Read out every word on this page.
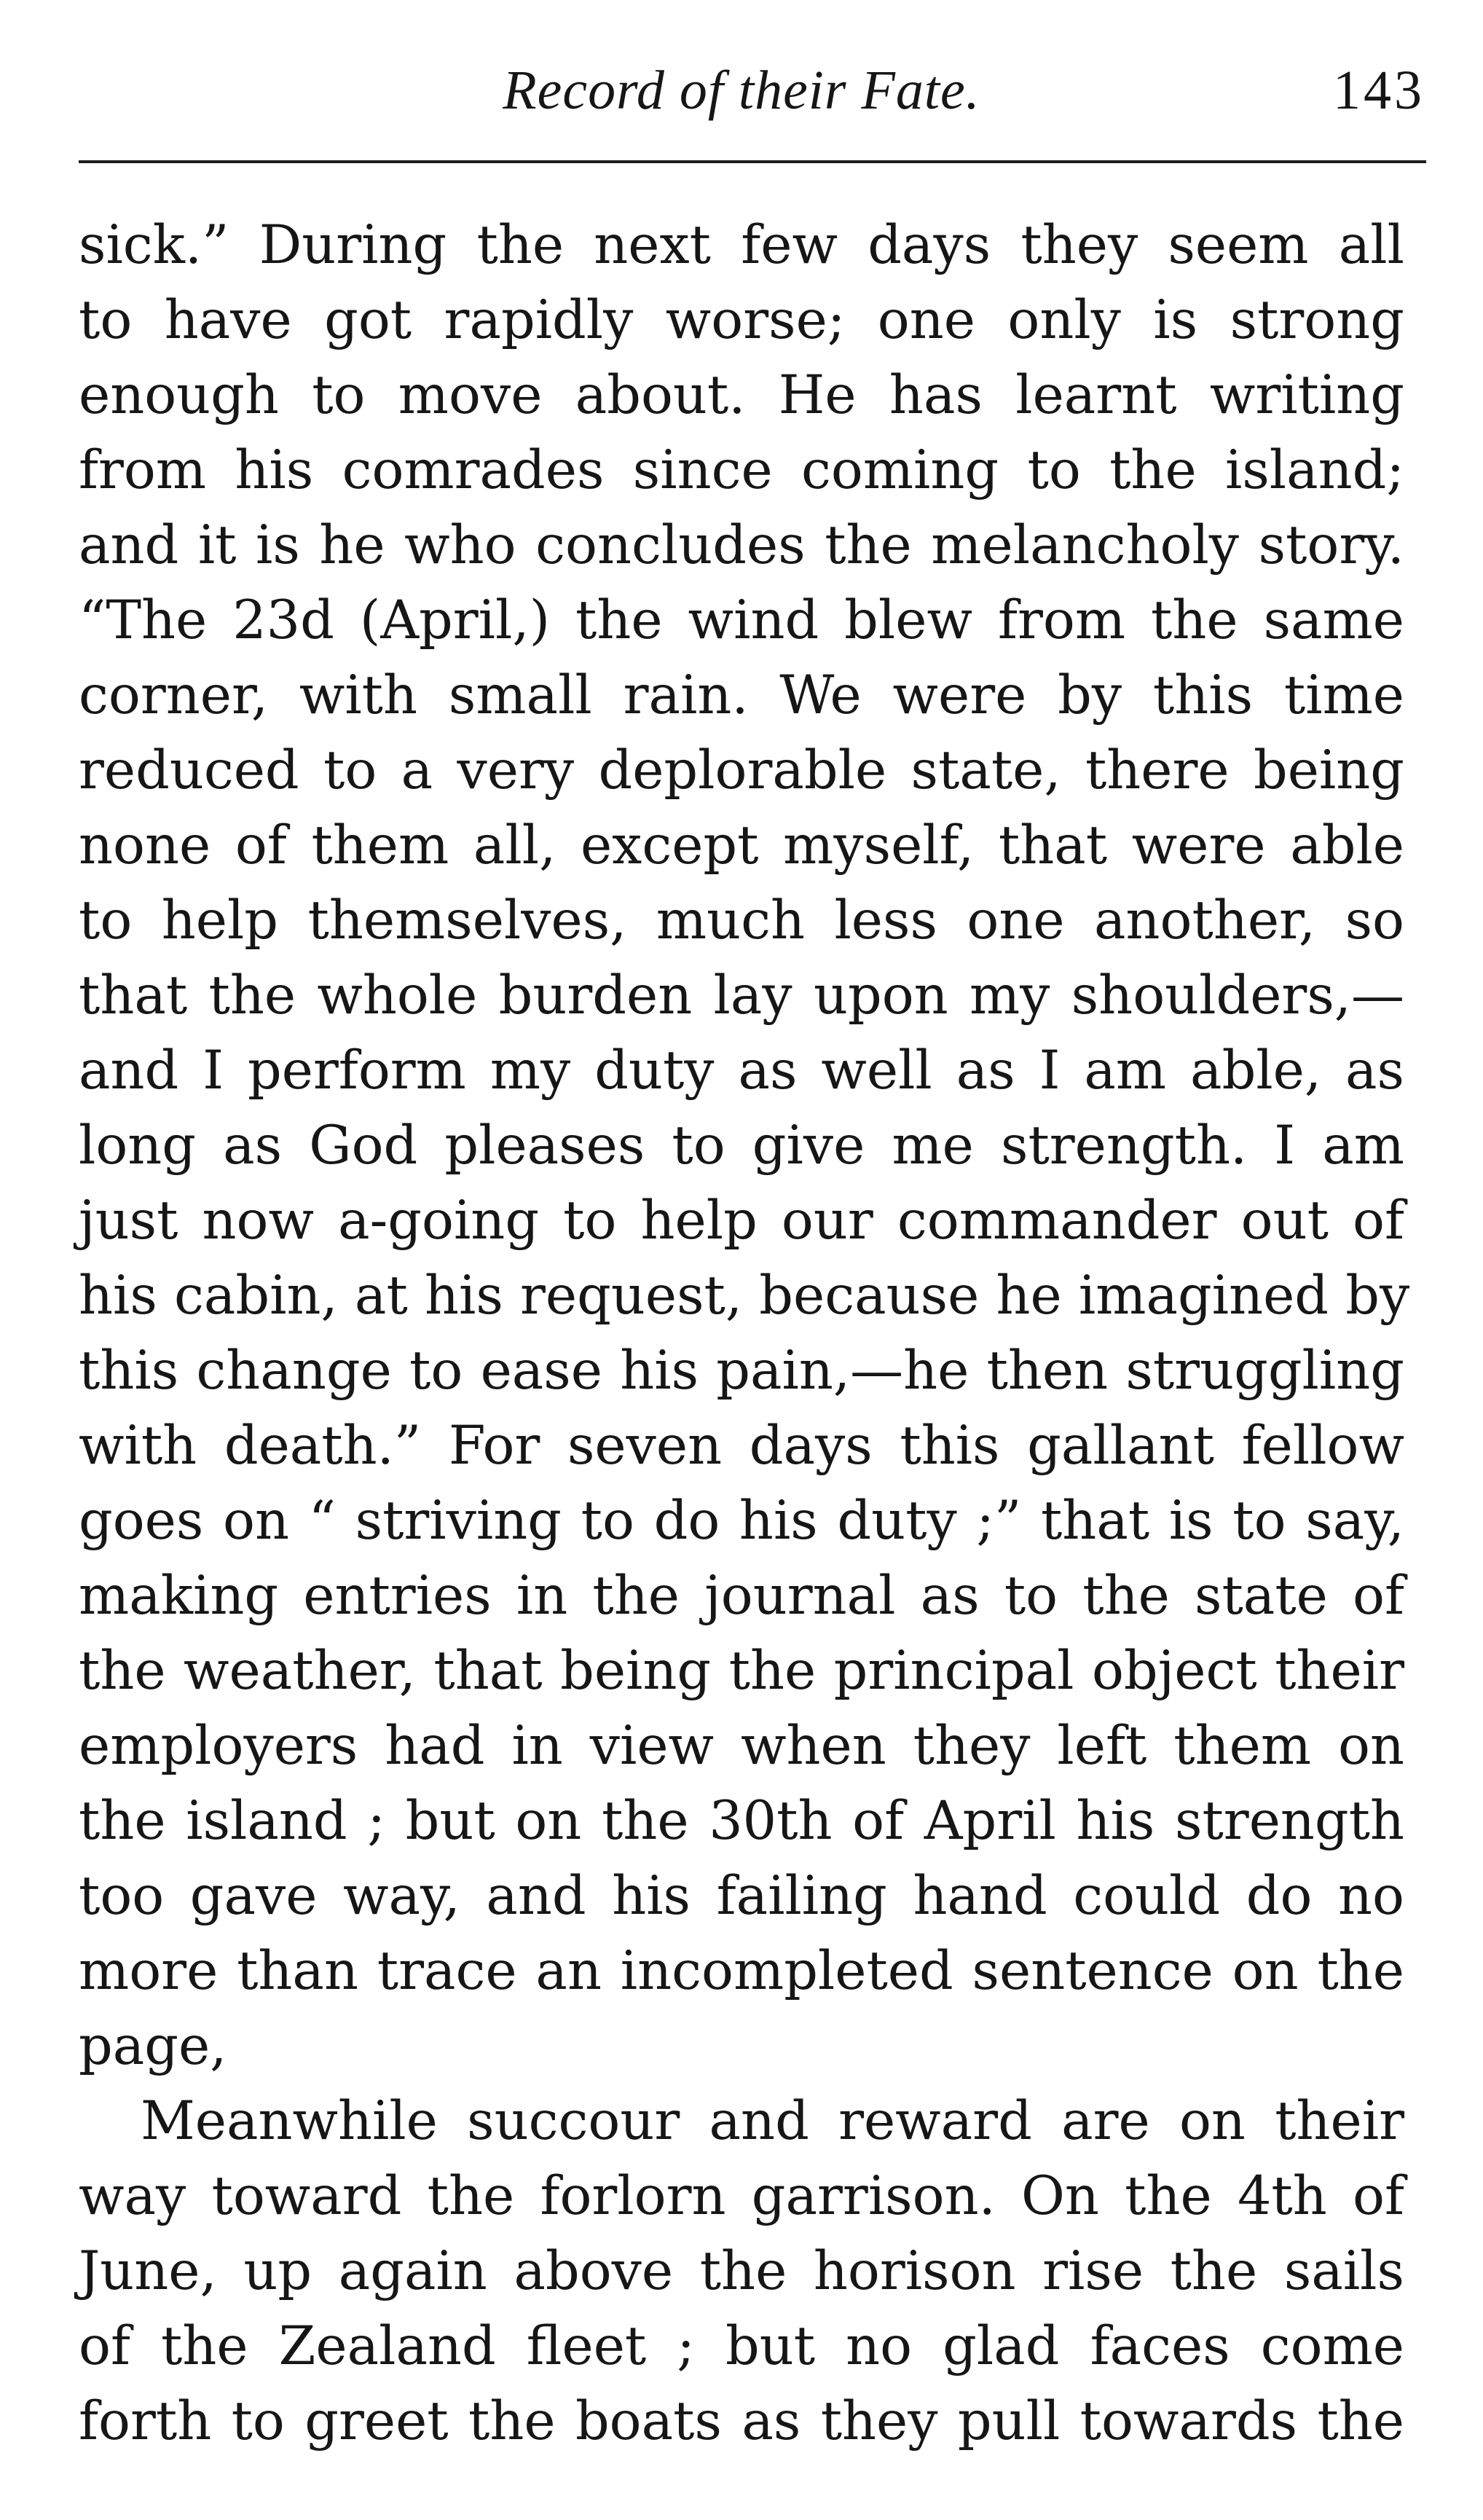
Record of their Fate.	143
sick.” During the next few days they seem all
to have got rapidly worse; one only is strong
enough to move about. He has learnt writing
from his comrades since coming to the island;
and it is he who concludes the melancholy story.
“The 23d (April,) the wind blew from the same
corner, with small rain. We were by this time
reduced to a very deplorable state, there being
none of them all, except myself, that were able
to help themselves, much less one another, so
that the whole burden lay upon my shoulders,—
and I perform my duty as well as I am able, as
long as God pleases to give me strength. I am
just now a-going to help our commander out of
his cabin, at his request, because he imagined by
this change to ease his pain,—he then struggling
with death.” For seven days this gallant fellow
goes on “ striving to do his duty ;” that is to say,
making entries in the journal as to the state of
the weather, that being the principal object their
employers had in view when they left them on
the island ; but on the 30th of April his strength
too gave way, and his failing hand could do no
more than trace an incompleted sentence on the
page,
Meanwhile succour and reward are on their
way toward the forlorn garrison. On the 4th of
June, up again above the horison rise the sails
of the Zealand fleet ; but no glad faces come
forth to greet the boats as they pull towards the
